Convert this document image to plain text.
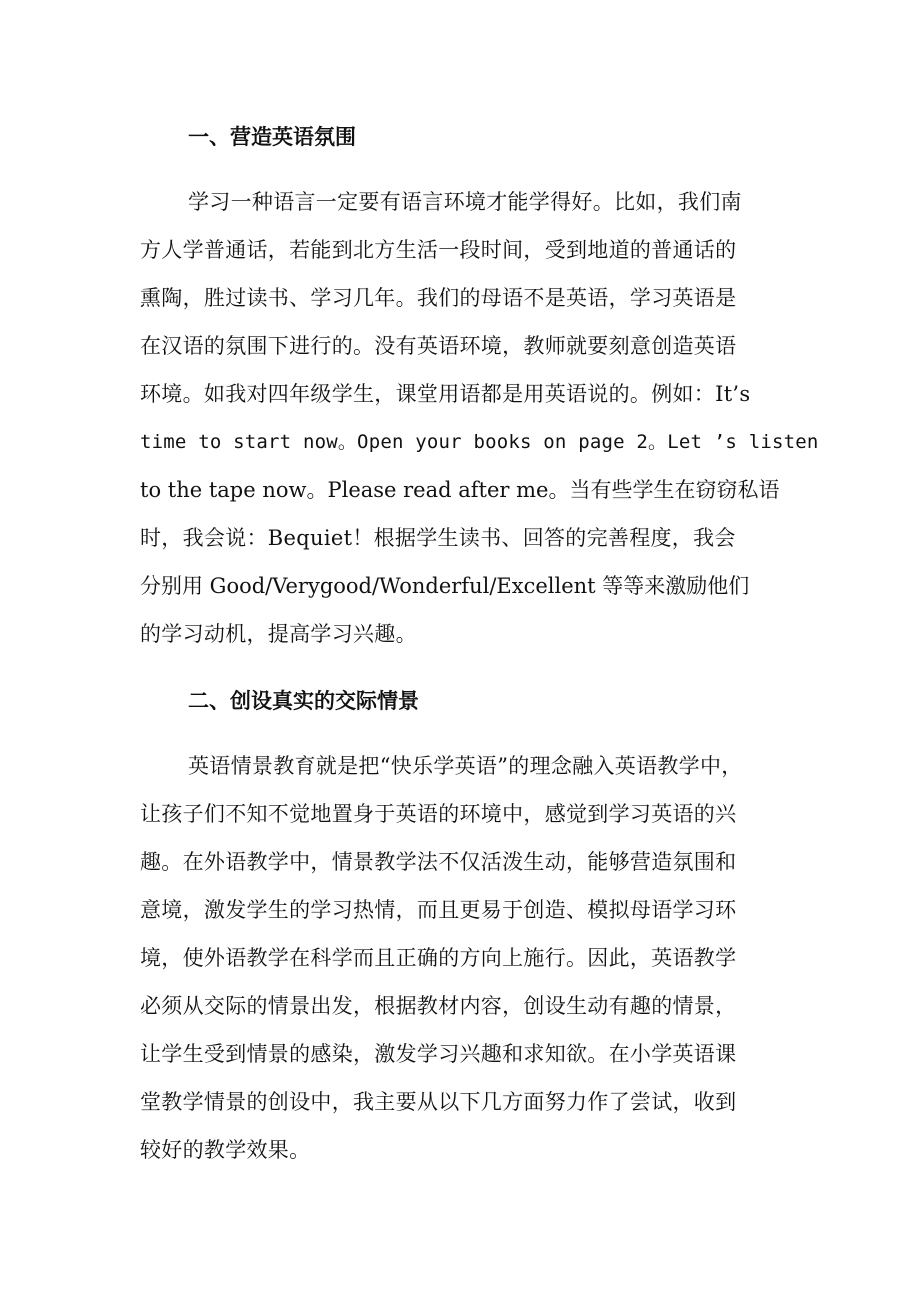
一、营造英语氛围
学习一种语言一定要有语言环境才能学得好。比如，我们南
方人学普通话，若能到北方生活一段时间，受到地道的普通话的
熏陶，胜过读书、学习几年。我们的母语不是英语，学习英语是
在汉语的氛围下进行的。没有英语环境，教师就要刻意创造英语
环境。如我对四年级学生，课堂用语都是用英语说的。例如：It’s
time to start now。Open your books on page 2。Let ’s listen
to the tape now。Please read after me。当有些学生在窃窃私语
时，我会说：Bequiet！根据学生读书、回答的完善程度，我会
分别用 Good/Verygood/Wonderful/Excellent 等等来激励他们
的学习动机，提高学习兴趣。
二、创设真实的交际情景
英语情景教育就是把“快乐学英语”的理念融入英语教学中，
让孩子们不知不觉地置身于英语的环境中，感觉到学习英语的兴
趣。在外语教学中，情景教学法不仅活泼生动，能够营造氛围和
意境，激发学生的学习热情，而且更易于创造、模拟母语学习环
境，使外语教学在科学而且正确的方向上施行。因此，英语教学
必须从交际的情景出发，根据教材内容，创设生动有趣的情景，
让学生受到情景的感染，激发学习兴趣和求知欲。在小学英语课
堂教学情景的创设中，我主要从以下几方面努力作了尝试，收到
较好的教学效果。
